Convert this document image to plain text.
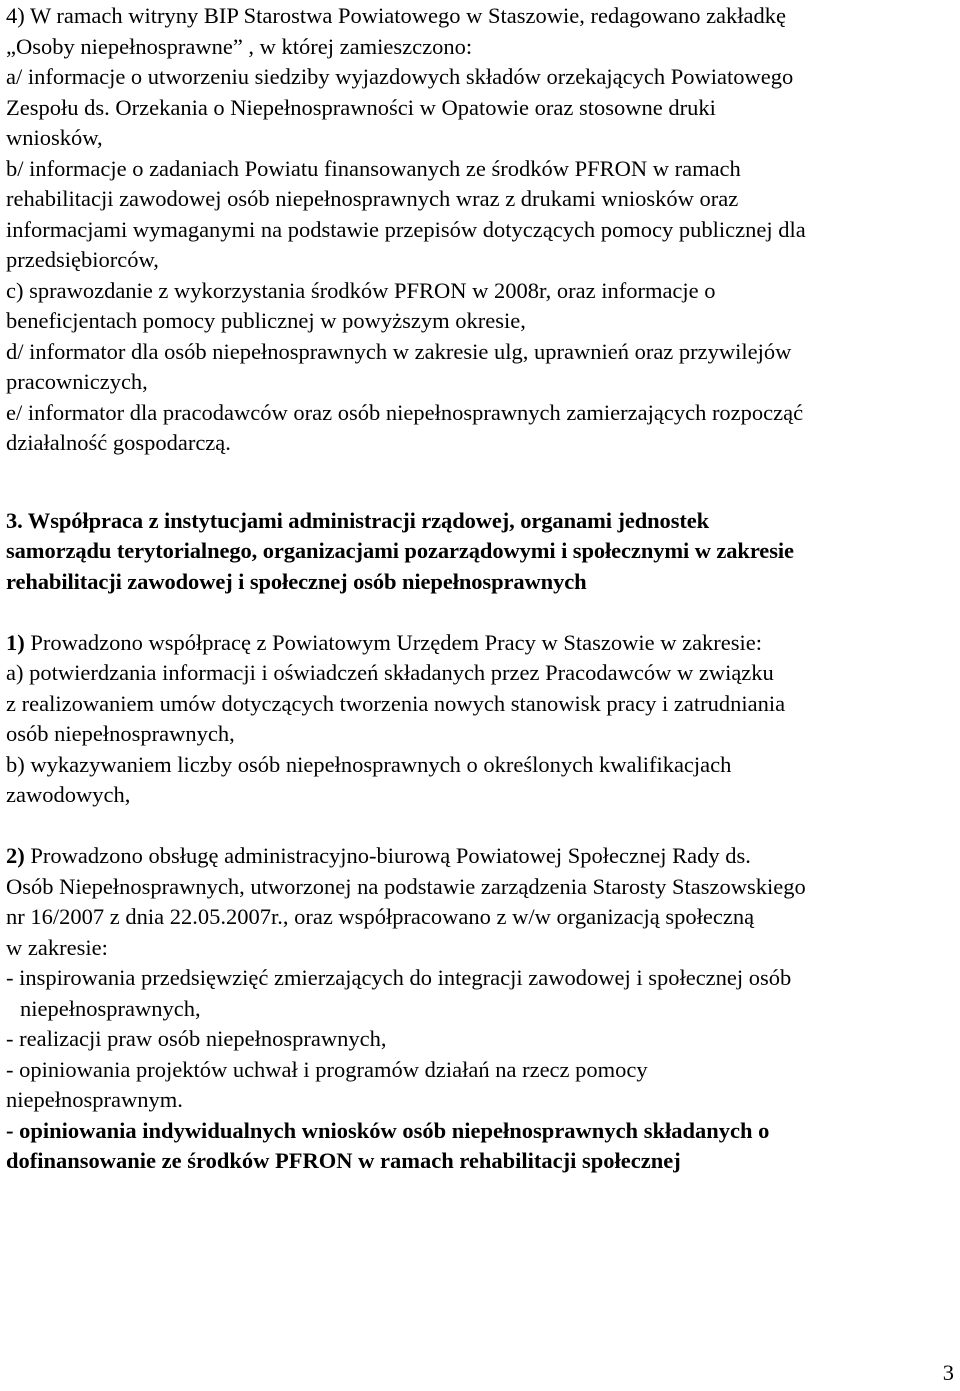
4) W ramach witryny BIP Starostwa Powiatowego w Staszowie, redagowano zakładkę
„Osoby niepełnosprawne” , w której zamieszczono:
a/ informacje o utworzeniu siedziby wyjazdowych składów orzekających Powiatowego
Zespołu ds. Orzekania o Niepełnosprawności w Opatowie oraz stosowne druki
wniosków,
b/ informacje o zadaniach Powiatu finansowanych ze środków PFRON w ramach
rehabilitacji zawodowej osób niepełnosprawnych wraz z drukami wniosków oraz
informacjami wymaganymi na podstawie przepisów dotyczących pomocy publicznej dla
przedsiębiorców,
c) sprawozdanie z wykorzystania środków PFRON w 2008r, oraz informacje o
beneficjentach pomocy publicznej w powyższym okresie,
d/ informator dla osób niepełnosprawnych w zakresie ulg, uprawnień oraz przywilejów
pracowniczych,
e/ informator dla pracodawców oraz osób niepełnosprawnych zamierzających rozpocząć
działalność gospodarczą.
3. Współpraca z instytucjami administracji rządowej, organami jednostek
samorządu terytorialnego, organizacjami pozarządowymi i społecznymi w zakresie
rehabilitacji zawodowej i społecznej osób niepełnosprawnych
1) Prowadzono współpracę z Powiatowym Urzędem Pracy w Staszowie w zakresie:
a) potwierdzania informacji i oświadczeń składanych przez Pracodawców w związku
z realizowaniem umów dotyczących tworzenia nowych stanowisk pracy i zatrudniania
osób niepełnosprawnych,
b) wykazywaniem liczby osób niepełnosprawnych o określonych kwalifikacjach
zawodowych,
2) Prowadzono obsługę administracyjno-biurową Powiatowej Społecznej Rady ds.
Osób Niepełnosprawnych, utworzonej na podstawie zarządzenia Starosty Staszowskiego
nr 16/2007 z dnia 22.05.2007r., oraz współpracowano z w/w organizacją społeczną
w zakresie:
- inspirowania przedsięwzięć zmierzających do integracji zawodowej i społecznej osób
niepełnosprawnych,
- realizacji praw osób niepełnosprawnych,
- opiniowania projektów uchwał i programów działań na rzecz pomocy
niepełnosprawnym.
- opiniowania indywidualnych wniosków osób niepełnosprawnych składanych o
dofinansowanie ze środków PFRON w ramach rehabilitacji społecznej
3
